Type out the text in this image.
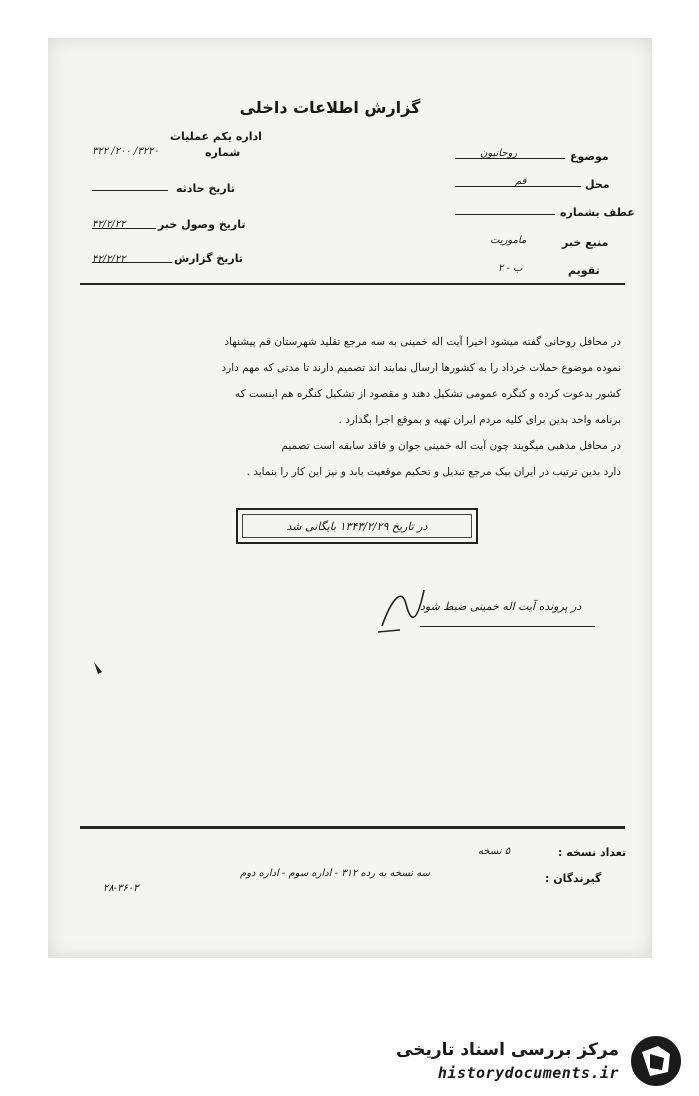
گزارش اطلاعات داخلی
اداره یکم عملیات
شماره
۳۲۲۰/ ۲۰۰/ ۳۲۲
تاریخ حادثه
تاریخ وصول خبر
۴۲/۲/۲۲
تاریخ گزارش
۴۲/۲/۲۲
موضوع
روحانیون
محل
قم
عطف بشماره
منبع خبر
ماموریت
تقویم
ب - ۲
در محافل روحانی گفته میشود اخیرا آیت اله خمینی به سه مرجع تقلید شهرستان قم پیشنهاد
نموده موضوع حملات خرداد را به کشورها ارسال نمایند اند تصمیم دارند تا مدتی که مهم دارد
کشور بدعوت کرده و کنگره عمومی تشکیل دهند و مقصود از تشکیل کنگره هم اینست که
برنامه واحد بدین برای کلیه مردم ایران تهیه و بموقع اجرا بگذارد .
در محافل مذهبی میگویند چون آیت اله خمینی جوان و فاقد سابقه است تصمیم
دارد بدین ترتیب در ایران بیک مرجع تبدیل و تحکیم موقعیت یابد و نیز این کار را بنماید .
در تاریخ ۱۳۴۳/۲/۲۹ بایگانی شد
در پرونده آیت اله خمینی ضبط شود
تعداد نسخه :
۵ نسخه
گیرندگان :
سه نسخه به رده ۳۱۲ - اداره سوم - اداره دوم
۲۸-۳۶۰۲
مرکز بررسی اسناد تاریخی
historydocuments.ir
